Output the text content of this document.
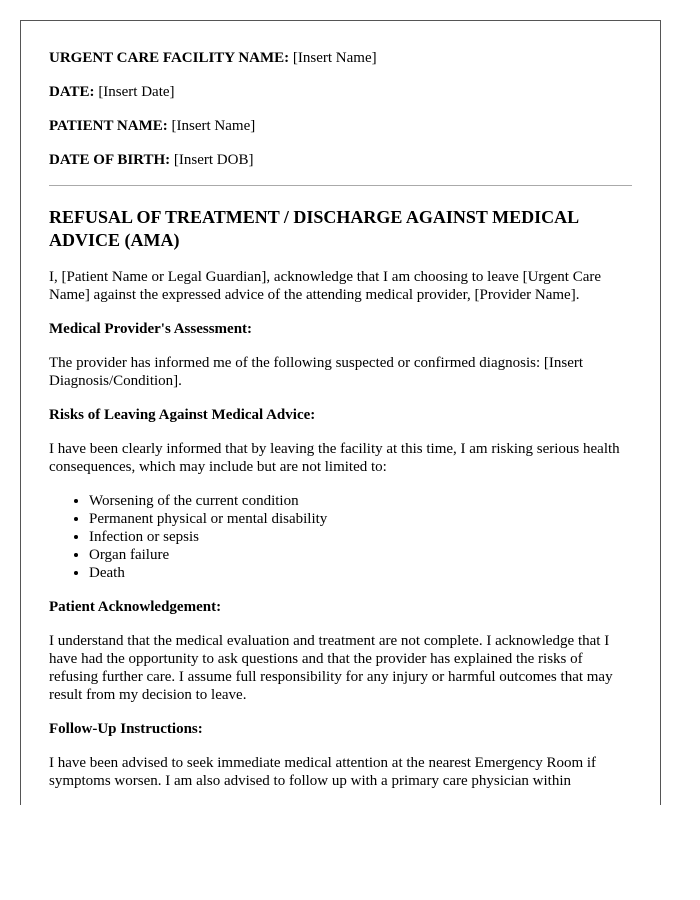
URGENT CARE FACILITY NAME: [Insert Name]

DATE: [Insert Date]

PATIENT NAME: [Insert Name]

DATE OF BIRTH: [Insert DOB]

REFUSAL OF TREATMENT / DISCHARGE AGAINST MEDICAL ADVICE (AMA)

I, [Patient Name or Legal Guardian], acknowledge that I am choosing to leave [Urgent Care Name] against the expressed advice of the attending medical provider, [Provider Name].

Medical Provider's Assessment:

The provider has informed me of the following suspected or confirmed diagnosis: [Insert Diagnosis/Condition].

Risks of Leaving Against Medical Advice:

I have been clearly informed that by leaving the facility at this time, I am risking serious health consequences, which may include but are not limited to:

• Worsening of the current condition
• Permanent physical or mental disability
• Infection or sepsis
• Organ failure
• Death

Patient Acknowledgement:

I understand that the medical evaluation and treatment are not complete. I acknowledge that I have had the opportunity to ask questions and that the provider has explained the risks of refusing further care. I assume full responsibility for any injury or harmful outcomes that may result from my decision to leave.

Follow-Up Instructions:

I have been advised to seek immediate medical attention at the nearest Emergency Room if symptoms worsen. I am also advised to follow up with a primary care physician within
